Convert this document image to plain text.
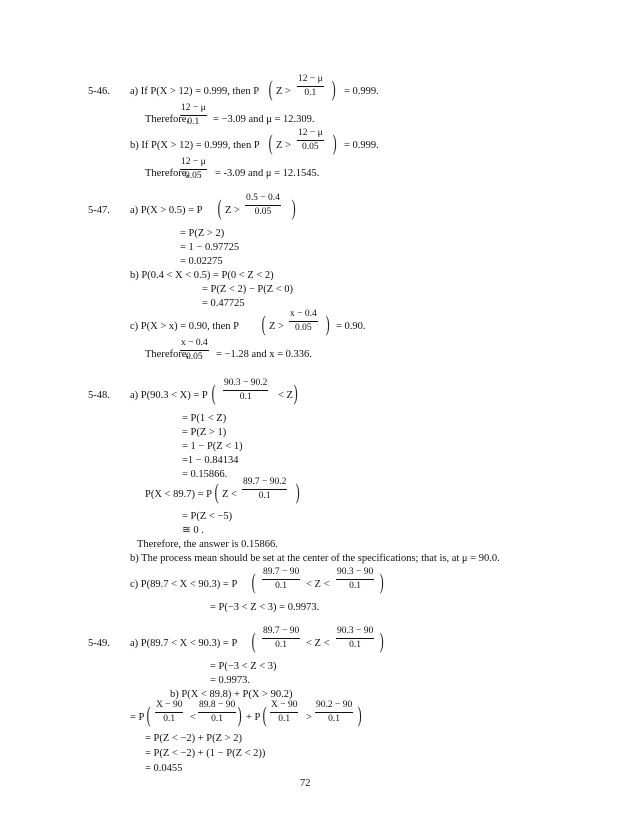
5-46. a) If P(X > 12) = 0.999, then P ( $Z > \frac{12 - \mu}{0.1}$ ) = 0.999.
Therefore,
$\frac{12 - \mu}{0.1} = -3.09$ and μ = 12.309.
b) If P(X > 12) = 0.999, then P ( $Z > \frac{12 - \mu}{0.05}$ ) = 0.999.
Therefore,
$\frac{12 - \mu}{0.05} = -3.09$ and μ = 12.1545.
5-47. a) P(X > 0.5) = P ( $Z > \frac{0.5 - 0.4}{0.05}$ )
= P(Z > 2)
= 1 − 0.97725
= 0.02275
b) P(0.4 < X < 0.5) = P(0 < Z < 2)
= P(Z < 2) − P(Z < 0)
= 0.47725
c) P(X > x) = 0.90, then P ( $Z > \frac{x - 0.4}{0.05}$ ) = 0.90.
Therefore,
$\frac{x - 0.4}{0.05} = -1.28$ and x = 0.336.
5-48. a) P(90.3 < X) = P ( $\frac{90.3 - 90.2}{0.1} < Z$ )
= P(1 < Z)
= P(Z > 1)
= 1 − P(Z < 1)
=1 − 0.84134
= 0.15866.
P(X < 89.7) = P ( $Z < \frac{89.7 - 90.2}{0.1}$ )
= P(Z < −5)
≅ 0 .
Therefore, the answer is 0.15866.
b) The process mean should be set at the center of the specifications; that is, at μ = 90.0.
c) P(89.7 < X < 90.3) = P ( $\frac{89.7 - 90}{0.1} < Z < \frac{90.3 - 90}{0.1}$ )
= P(−3 < Z < 3) = 0.9973.
5-49. a) P(89.7 < X < 90.3) = P ( $\frac{89.7 - 90}{0.1} < Z < \frac{90.3 - 90}{0.1}$ )
= P(−3 < Z < 3)
= 0.9973.
b) P(X < 89.8) + P(X > 90.2)
= P ( $\frac{X - 90}{0.1} < \frac{89.8 - 90}{0.1}$ ) + P ( $\frac{X - 90}{0.1} > \frac{90.2 - 90}{0.1}$ )
= P(Z < −2) + P(Z > 2)
= P(Z < −2) + (1 − P(Z < 2))
= 0.0455
72
